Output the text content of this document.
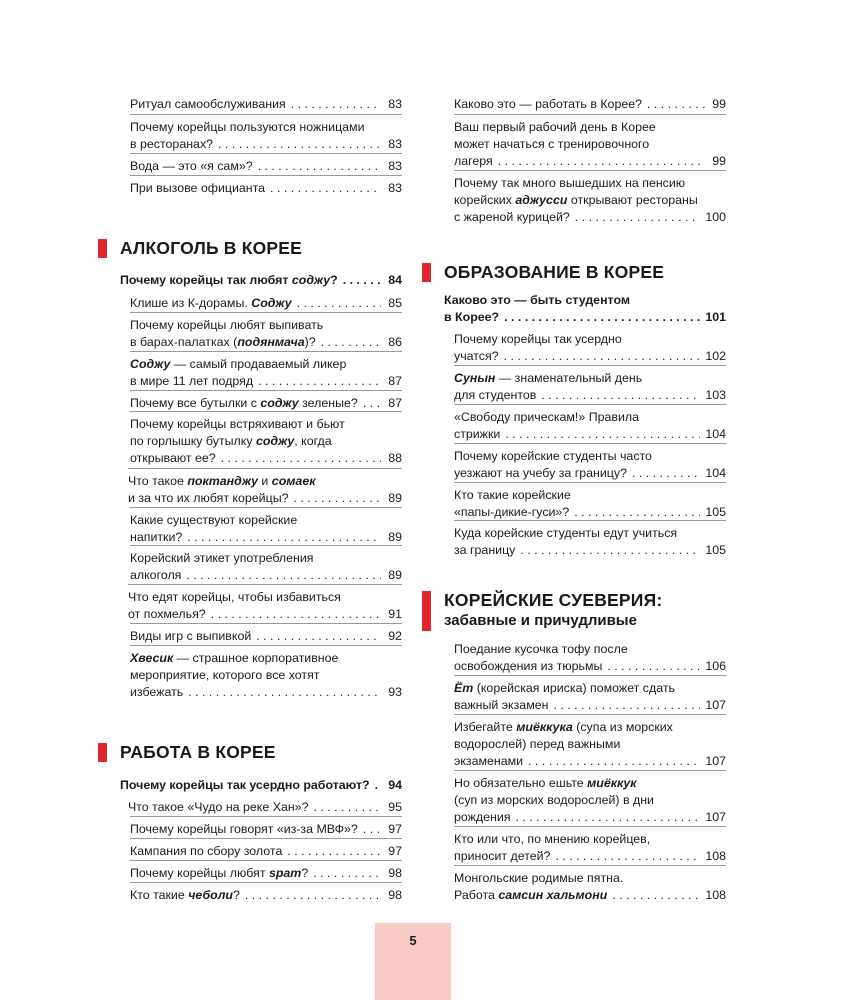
Ритуал самообслуживания . . .	83
Почему корейцы пользуются ножницами
в ресторанах? . . .	83
Вода — это «я сам»? . . .	83
При вызове официанта . . .	83
АЛКОГОЛЬ В КОРЕЕ
Почему корейцы так любят соджу? . . .	84
Клише из К-дорамы. Соджу . . .	85
Почему корейцы любят выпивать
в барах-палатках (подянмача)? . . .	86
Соджу — самый продаваемый ликер
в мире 11 лет подряд . . .	87
Почему все бутылки с соджу зеленые? . . . 87
Почему корейцы встряхивают и бьют
по горлышку бутылку соджу, когда
открывают ее? . . .	88
Что такое поктанджу и сомаек
и за что их любят корейцы? . . .	89
Какие существуют корейские
напитки? . . .	89
Корейский этикет употребления
алкоголя . . .	89
Что едят корейцы, чтобы избавиться
от похмелья? . . .	91
Виды игр с выпивкой . . .	92
Хвесик — страшное корпоративное
мероприятие, которого все хотят
избежать . . .	93
РАБОТА В КОРЕЕ
Почему корейцы так усердно работают? . . . 94
Что такое «Чудо на реке Хан»? . . .	95
Почему корейцы говорят «из-за МВФ»? . . . 97
Кампания по сбору золота . . .	97
Почему корейцы любят spam? . . .	98
Кто такие чеболи? . . .	98
Каково это — работать в Корее? . . .	99
Ваш первый рабочий день в Корее
может начаться с тренировочного
лагеря . . .	99
Почему так много вышедших на пенсию
корейских аджусси открывают рестораны
с жареной курицей? . . .	100
ОБРАЗОВАНИЕ В КОРЕЕ
Каково это — быть студентом
в Корее? . . .	101
Почему корейцы так усердно
учатся? . . .	102
Сунын — знаменательный день
для студентов . . .	103
«Свободу прическам!» Правила
стрижки . . .	104
Почему корейские студенты часто
уезжают на учебу за границу? . . .	104
Кто такие корейские
«папы-дикие-гуси»? . . .	105
Куда корейские студенты едут учиться
за границу . . .	105
КОРЕЙСКИЕ СУЕВЕРИЯ:
забавные и причудливые
Поедание кусочка тофу после
освобождения из тюрьмы . . .	106
Ёт (корейская ириска) поможет сдать
важный экзамен . . .	107
Избегайте миёккука (супа из морских
водорослей) перед важными
экзаменами . . .	107
Но обязательно ешьте миёккук
(суп из морских водорослей) в дни
рождения . . .	107
Кто или что, по мнению корейцев,
приносит детей? . . .	108
Монгольские родимые пятна.
Работа самсин хальмони . . .	108
5
